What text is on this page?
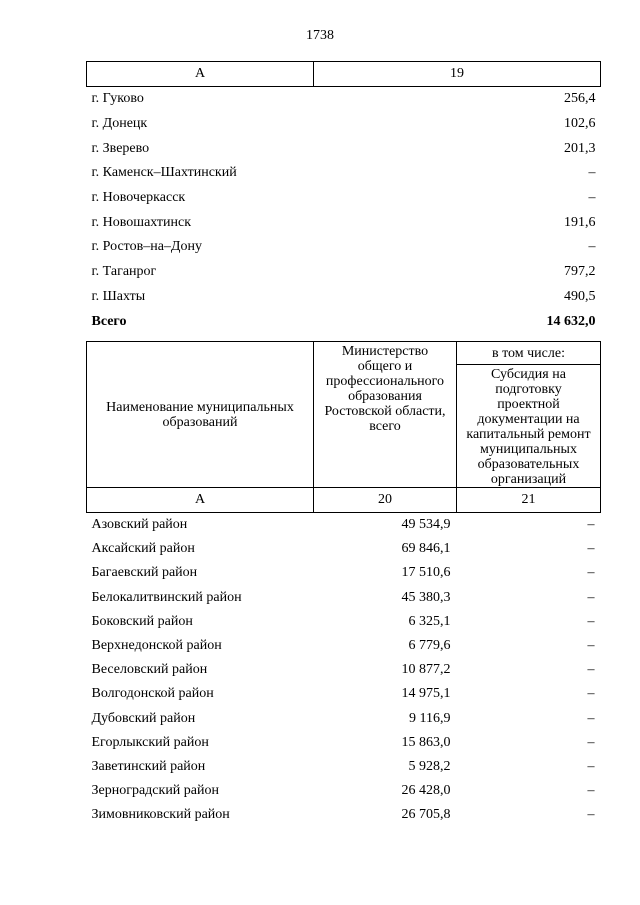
1738
А	19
г. Гуково	256,4
г. Донецк	102,6
г. Зверево	201,3
г. Каменск–Шахтинский	–
г. Новочеркасск	–
г. Новошахтинск	191,6
г. Ростов–на–Дону	–
г. Таганрог	797,2
г. Шахты	490,5
Всего	14 632,0
Наименование муниципальных образований	Министерство общего и профессионального образования Ростовской области, всего	в том числе:
		Субсидия на подготовку проектной документации на капитальный ремонт муниципальных образовательных организаций
А	20	21
Азовский район	49 534,9	–
Аксайский район	69 846,1	–
Багаевский район	17 510,6	–
Белокалитвинский район	45 380,3	–
Боковский район	6 325,1	–
Верхнедонской район	6 779,6	–
Веселовский район	10 877,2	–
Волгодонской район	14 975,1	–
Дубовский район	9 116,9	–
Егорлыкский район	15 863,0	–
Заветинский район	5 928,2	–
Зерноградский район	26 428,0	–
Зимовниковский район	26 705,8	–
